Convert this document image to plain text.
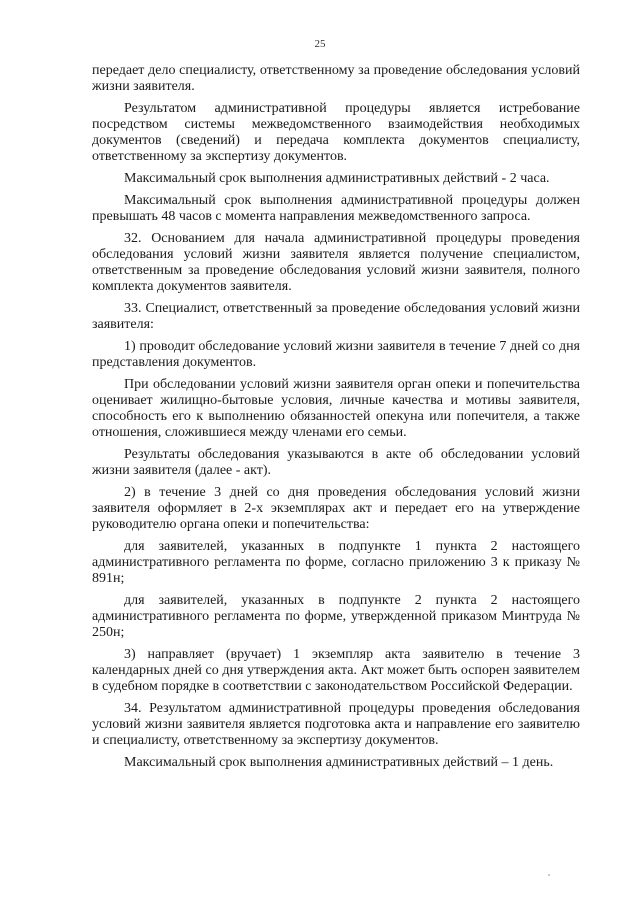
25

передает дело специалисту, ответственному за проведение обследования условий жизни заявителя.

Результатом административной процедуры является истребование посредством системы межведомственного взаимодействия необходимых документов (сведений) и передача комплекта документов специалисту, ответственному за экспертизу документов.

Максимальный срок выполнения административных действий - 2 часа.

Максимальный срок выполнения административной процедуры должен превышать 48 часов с момента направления межведомственного запроса.

32. Основанием для начала административной процедуры проведения обследования условий жизни заявителя является получение специалистом, ответственным за проведение обследования условий жизни заявителя, полного комплекта документов заявителя.

33. Специалист, ответственный за проведение обследования условий жизни заявителя:

1) проводит обследование условий жизни заявителя в течение 7 дней со дня представления документов.

При обследовании условий жизни заявителя орган опеки и попечительства оценивает жилищно-бытовые условия, личные качества и мотивы заявителя, способность его к выполнению обязанностей опекуна или попечителя, а также отношения, сложившиеся между членами его семьи.

Результаты обследования указываются в акте об обследовании условий жизни заявителя (далее - акт).

2) в течение 3 дней со дня проведения обследования условий жизни заявителя оформляет в 2-х экземплярах акт и передает его на утверждение руководителю органа опеки и попечительства:

для заявителей, указанных в подпункте 1 пункта 2 настоящего административного регламента по форме, согласно приложению 3 к приказу № 891н;

для заявителей, указанных в подпункте 2 пункта 2 настоящего административного регламента по форме, утвержденной приказом Минтруда № 250н;

3) направляет (вручает) 1 экземпляр акта заявителю в течение 3 календарных дней со дня утверждения акта. Акт может быть оспорен заявителем в судебном порядке в соответствии с законодательством Российской Федерации.

34. Результатом административной процедуры проведения обследования условий жизни заявителя является подготовка акта и направление его заявителю и специалисту, ответственному за экспертизу документов.

Максимальный срок выполнения административных действий – 1 день.
